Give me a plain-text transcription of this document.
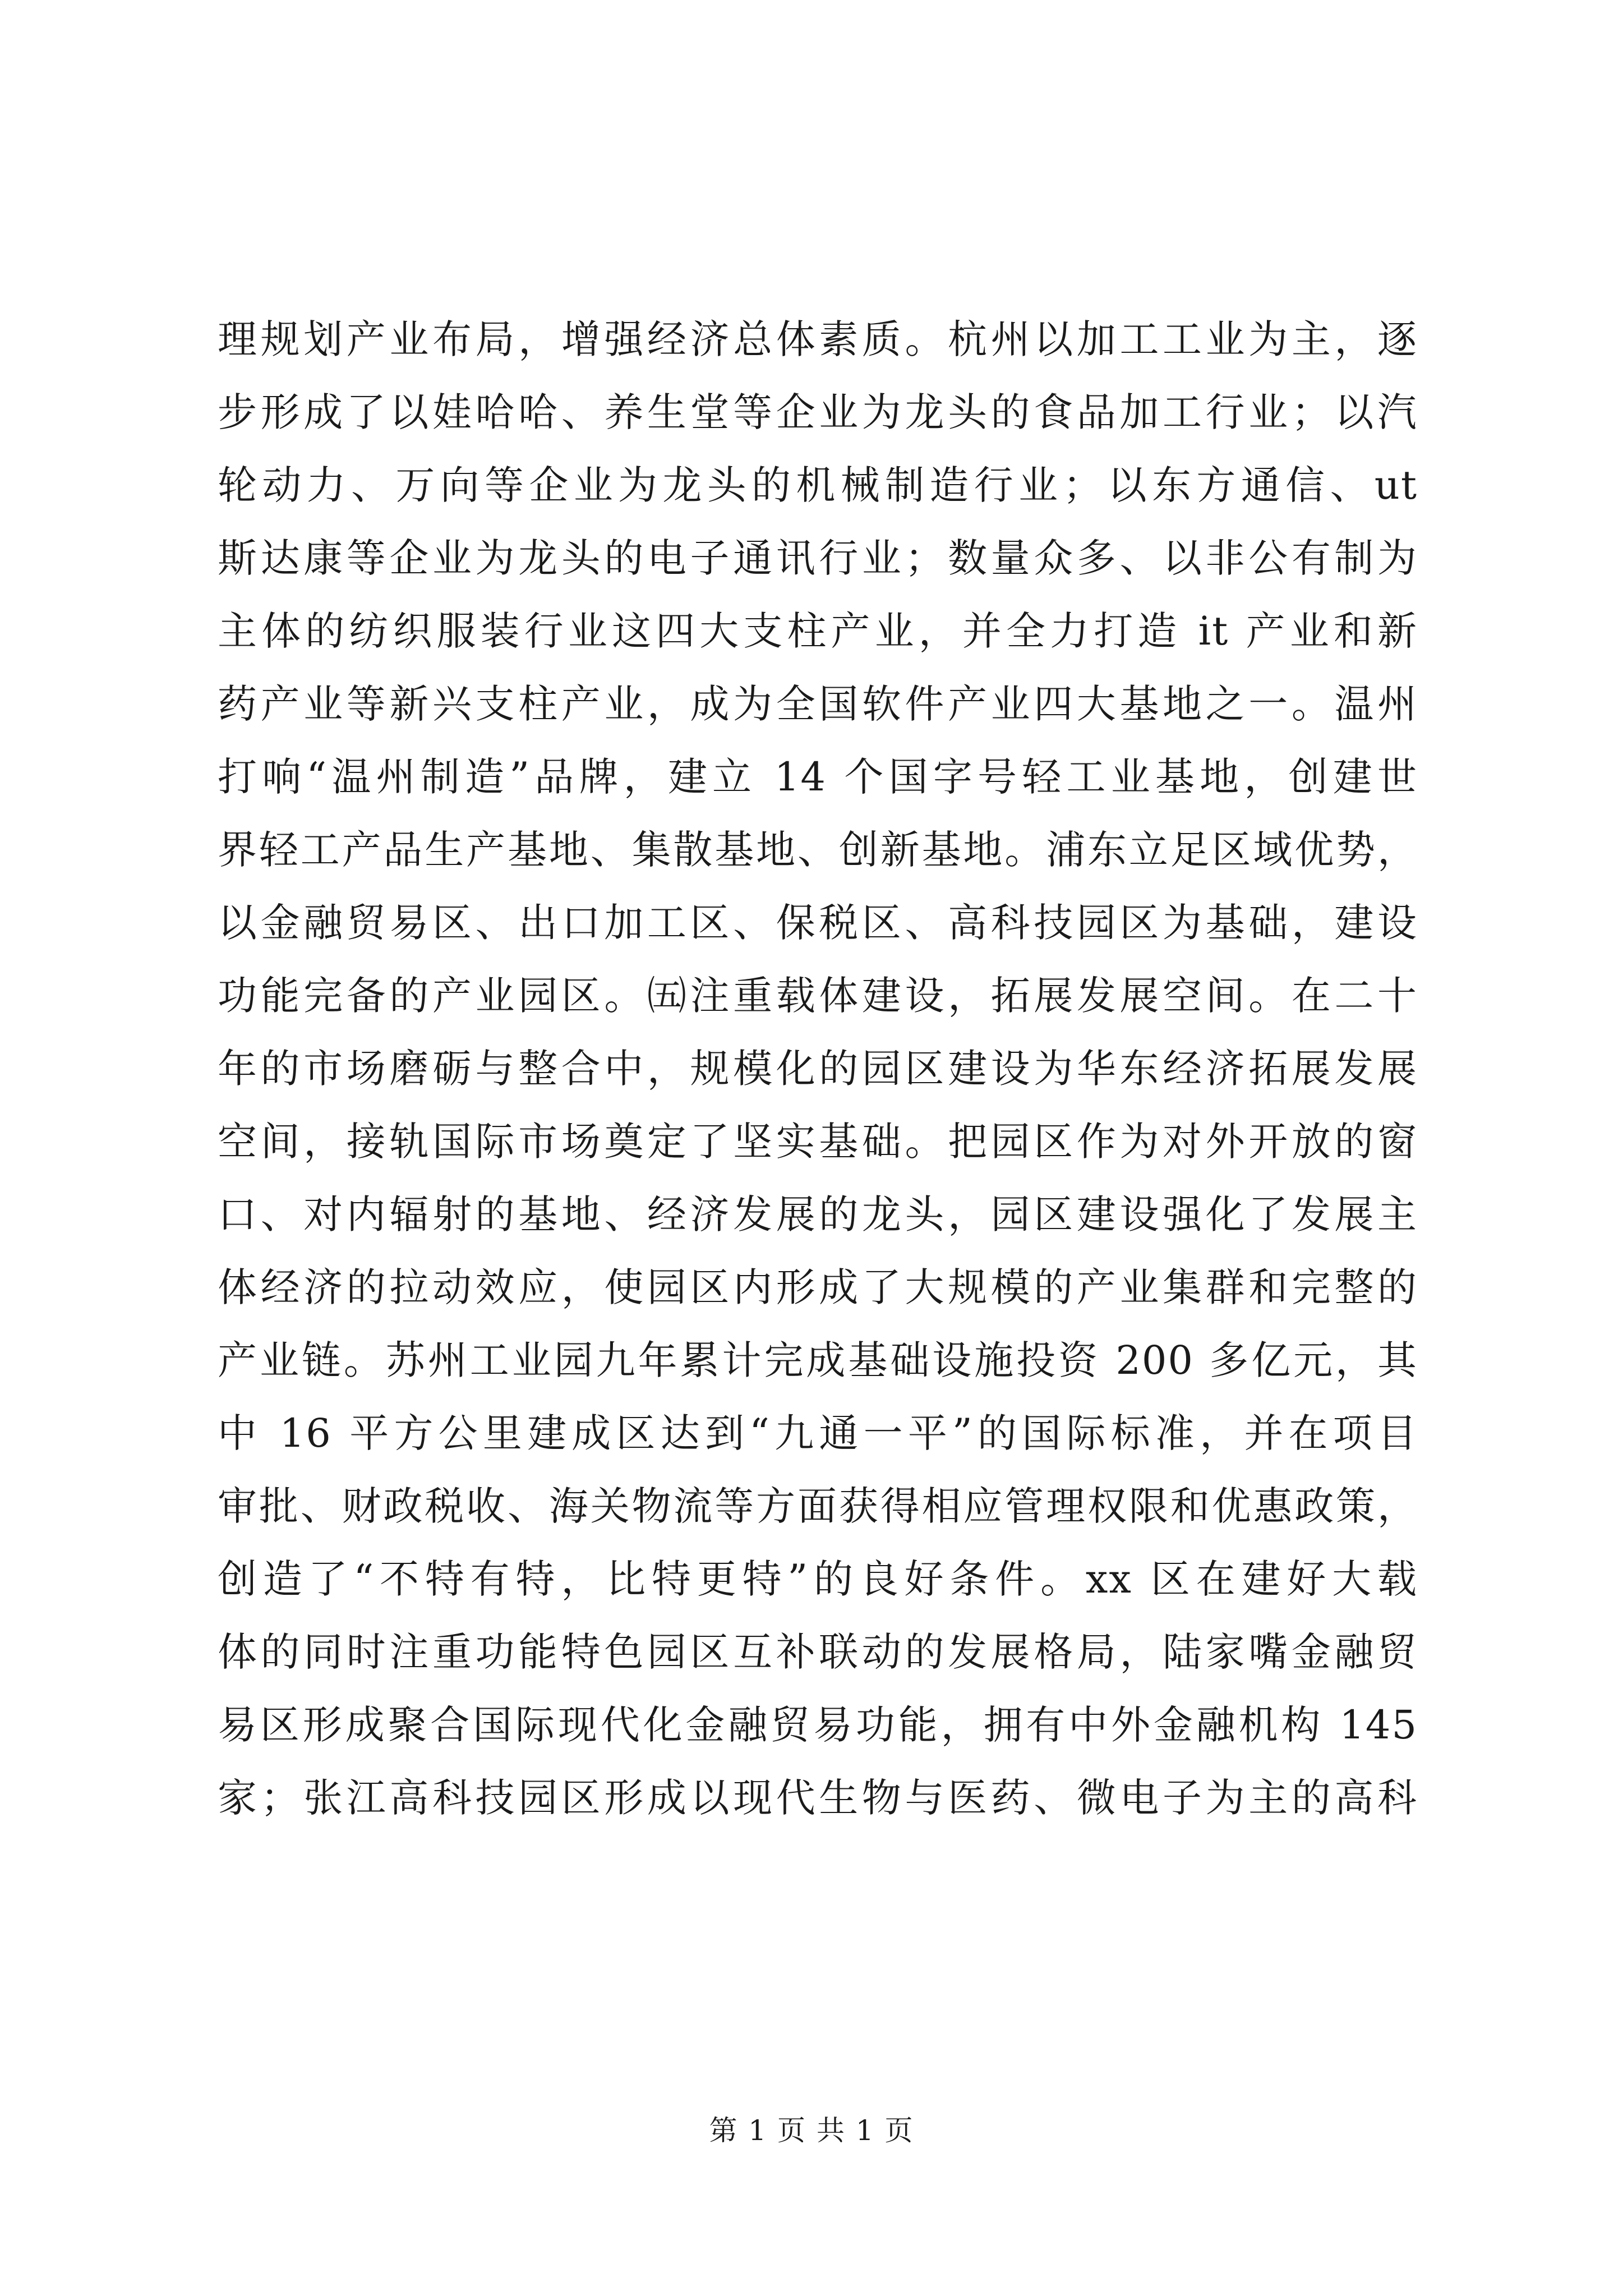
理规划产业布局，增强经济总体素质。杭州以加工工业为主，逐
步形成了以娃哈哈、养生堂等企业为龙头的食品加工行业；以汽
轮动力、万向等企业为龙头的机械制造行业；以东方通信、ut
斯达康等企业为龙头的电子通讯行业；数量众多、以非公有制为
主体的纺织服装行业这四大支柱产业，并全力打造 it 产业和新
药产业等新兴支柱产业，成为全国软件产业四大基地之一。温州
打响“温州制造”品牌，建立 14 个国字号轻工业基地，创建世
界轻工产品生产基地、集散基地、创新基地。浦东立足区域优势，
以金融贸易区、出口加工区、保税区、高科技园区为基础，建设
功能完备的产业园区。㈤注重载体建设，拓展发展空间。在二十
年的市场磨砺与整合中，规模化的园区建设为华东经济拓展发展
空间，接轨国际市场奠定了坚实基础。把园区作为对外开放的窗
口、对内辐射的基地、经济发展的龙头，园区建设强化了发展主
体经济的拉动效应，使园区内形成了大规模的产业集群和完整的
产业链。苏州工业园九年累计完成基础设施投资 200 多亿元，其
中 16 平方公里建成区达到“九通一平”的国际标准，并在项目
审批、财政税收、海关物流等方面获得相应管理权限和优惠政策，
创造了“不特有特，比特更特”的良好条件。xx 区在建好大载
体的同时注重功能特色园区互补联动的发展格局，陆家嘴金融贸
易区形成聚合国际现代化金融贸易功能，拥有中外金融机构 145
家；张江高科技园区形成以现代生物与医药、微电子为主的高科
第 1 页 共 1 页
